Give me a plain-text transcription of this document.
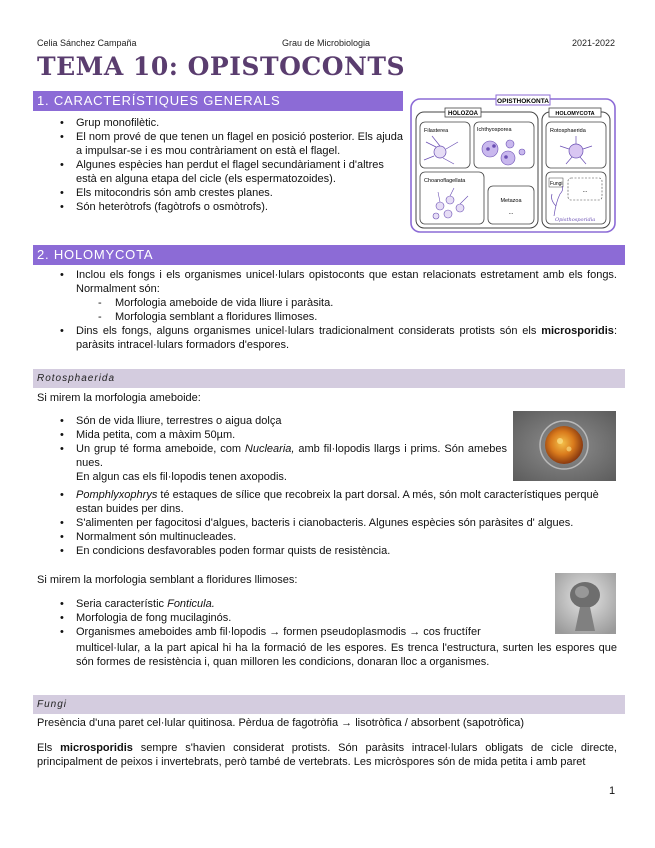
Celia Sánchez Campaña	Grau de Microbiologia	2021-2022
TEMA 10: OPISTOCONTS
1. CARACTERÍSTIQUES GENERALS
• Grup monofilètic.
• El nom prové de que tenen un flagel en posició posterior. Els ajuda a impulsar-se i es mou contràriament on està el flagel.
• Algunes espècies han perdut el flagel secundàriament i d'altres està en alguna etapa del cicle (els espermatozoides).
• Els mitocondris són amb crestes planes.
• Són heteròtrofs (fagòtrofs o osmòtrofs).
OPISTHOKONTA
HOLOZOA
Filasterea	Ichthyosporea
Choanoflagellata
Metazoa
...
HOLOMYCOTA
Rotosphaerida
Fungi
...
Opisthosporidia
2. HOLOMYCOTA
• Inclou els fongs i els organismes unicel·lulars opistoconts que estan relacionats estretament amb els fongs. Normalment són:
- Morfologia ameboide de vida lliure i paràsita.
- Morfologia semblant a floridures llimoses.
• Dins els fongs, alguns organismes unicel·lulars tradicionalment considerats protists són els microsporidis: paràsits intracel·lulars formadors d'espores.
Rotosphaerida
Si mirem la morfologia ameboide:
• Són de vida lliure, terrestres o aigua dolça
• Mida petita, com a màxim 50µm.
• Un grup té forma ameboide, com Nuclearia, amb fil·lopodis llargs i prims. Són amebes nues.
En algun cas els fil·lopodis tenen axopodis.
• Pomphlyxophrys té estaques de sílice que recobreix la part dorsal. A més, són molt característiques perquè estan buides per dins.
• S'alimenten per fagocitosi d'algues, bacteris i cianobacteris. Algunes espècies són paràsites d' algues.
• Normalment són multinucleades.
• En condicions desfavorables poden formar quists de resistència.
Si mirem la morfologia semblant a floridures llimoses:
• Seria característic Fonticula.
• Morfologia de fong mucilaginós.
• Organismes ameboides amb fil·lopodis → formen pseudoplasmodis → cos fructífer
multicel·lular, a la part apical hi ha la formació de les espores. Es trenca l'estructura, surten les espores que són formes de resistència i, quan milloren les condicions, donaran lloc a organismes.
Fungi
Presència d'una paret cel·lular quitinosa. Pèrdua de fagotròfia → lisotròfica / absorbent (sapotròfica)
Els microsporidis sempre s'havien considerat protists. Són paràsits intracel·lulars obligats de cicle directe, principalment de peixos i invertebrats, però també de vertebrats. Les micròspores són de mida petita i amb paret
1
